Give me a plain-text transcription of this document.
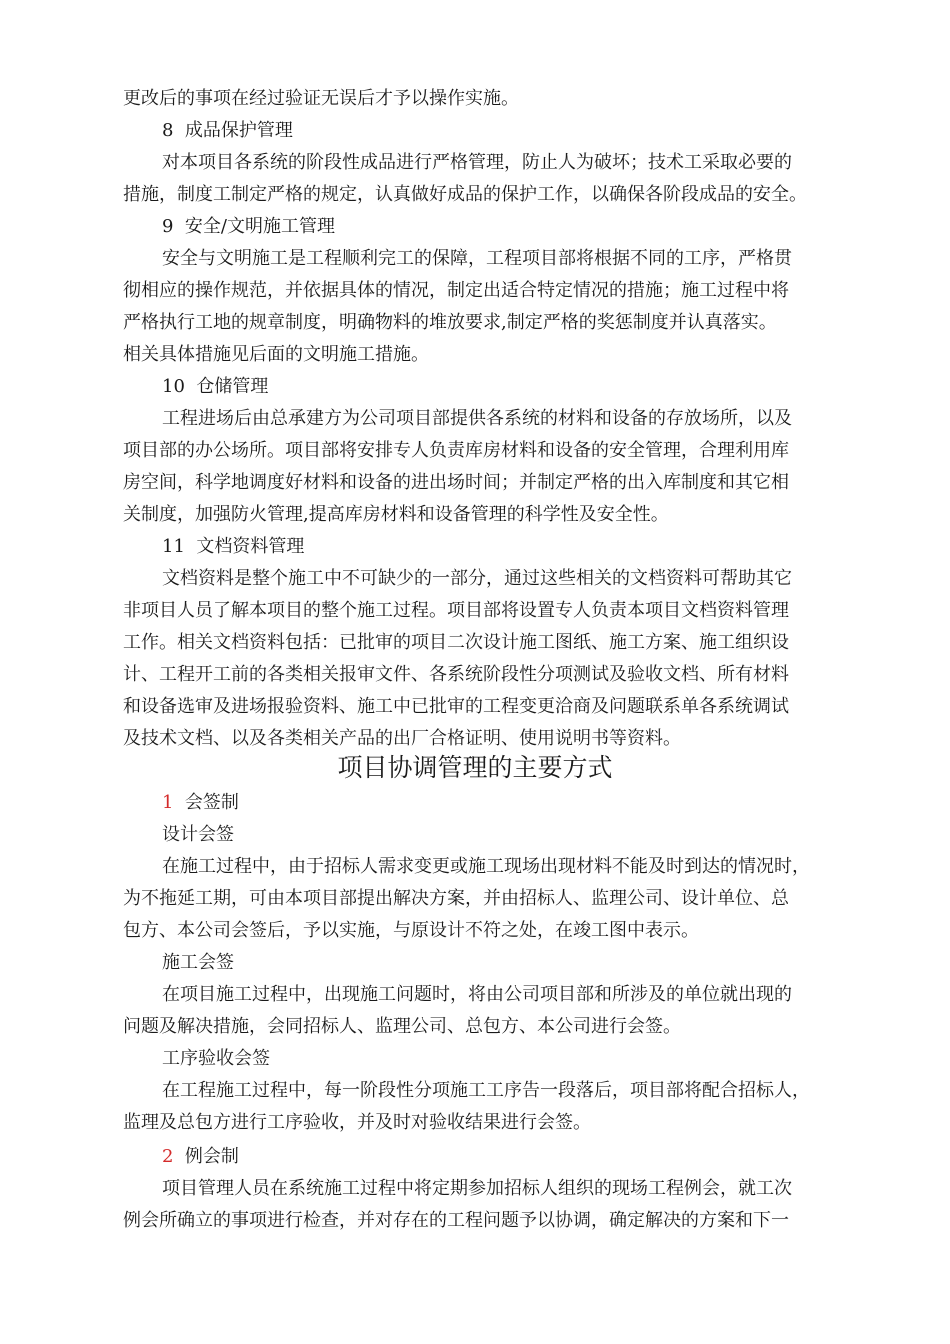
更改后的事项在经过验证无误后才予以操作实施。
8  成品保护管理
对本项目各系统的阶段性成品进行严格管理，防止人为破坏；技术工采取必要的
措施，制度工制定严格的规定，认真做好成品的保护工作，以确保各阶段成品的安全。
9  安全/文明施工管理
安全与文明施工是工程顺利完工的保障，工程项目部将根据不同的工序，严格贯
彻相应的操作规范，并依据具体的情况，制定出适合特定情况的措施；施工过程中将
严格执行工地的规章制度，明确物料的堆放要求,制定严格的奖惩制度并认真落实。
相关具体措施见后面的文明施工措施。
10  仓储管理
工程进场后由总承建方为公司项目部提供各系统的材料和设备的存放场所，以及
项目部的办公场所。项目部将安排专人负责库房材料和设备的安全管理，合理利用库
房空间，科学地调度好材料和设备的进出场时间；并制定严格的出入库制度和其它相
关制度，加强防火管理,提高库房材料和设备管理的科学性及安全性。
11  文档资料管理
文档资料是整个施工中不可缺少的一部分，通过这些相关的文档资料可帮助其它
非项目人员了解本项目的整个施工过程。项目部将设置专人负责本项目文档资料管理
工作。相关文档资料包括：已批审的项目二次设计施工图纸、施工方案、施工组织设
计、工程开工前的各类相关报审文件、各系统阶段性分项测试及验收文档、所有材料
和设备选审及进场报验资料、施工中已批审的工程变更洽商及问题联系单各系统调试
及技术文档、以及各类相关产品的出厂合格证明、使用说明书等资料。
项目协调管理的主要方式
1 会签制
设计会签
在施工过程中，由于招标人需求变更或施工现场出现材料不能及时到达的情况时，
为不拖延工期，可由本项目部提出解决方案，并由招标人、监理公司、设计单位、总
包方、本公司会签后，予以实施，与原设计不符之处，在竣工图中表示。
施工会签
在项目施工过程中，出现施工问题时，将由公司项目部和所涉及的单位就出现的
问题及解决措施，会同招标人、监理公司、总包方、本公司进行会签。
工序验收会签
在工程施工过程中，每一阶段性分项施工工序告一段落后，项目部将配合招标人，
监理及总包方进行工序验收，并及时对验收结果进行会签。
2 例会制
项目管理人员在系统施工过程中将定期参加招标人组织的现场工程例会，就工次
例会所确立的事项进行检查，并对存在的工程问题予以协调，确定解决的方案和下一
